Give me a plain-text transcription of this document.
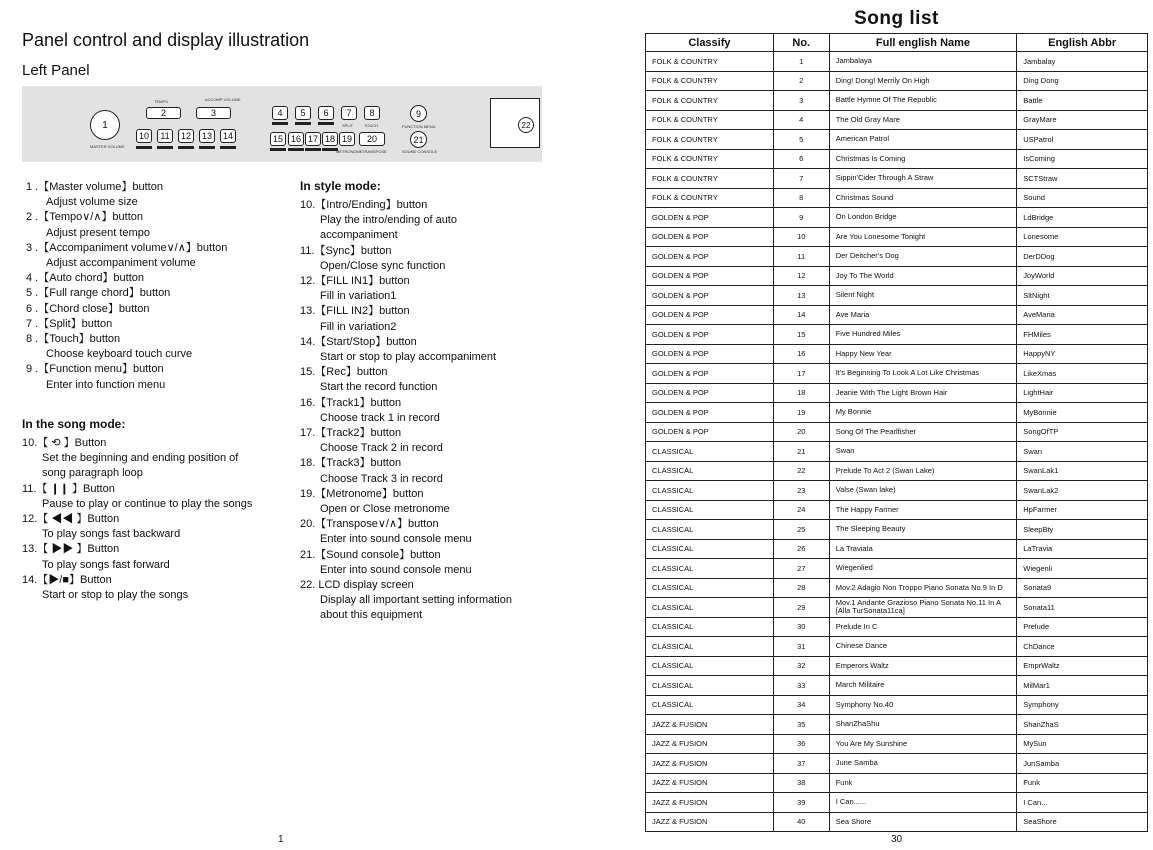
Panel control and display illustration
Left Panel
1
MASTER VOLUME
TEMPO
2
ACCOMP VOLUME
3
10	11	12	13	14
4	5	6	7	8
SPLIT	TOUCH
9
FUNCTION MENU
15 16 17 18 19	20
METRONOME TRANSPOSE
21
SOUND CONSOLE
22
1 .【Master volume】button
Adjust volume size
2 .【Tempo∨/∧】button
Adjust present tempo
3 .【Accompaniment volume∨/∧】button
Adjust accompaniment volume
4 .【Auto chord】button
5 .【Full range chord】button
6 .【Chord close】button
7 .【Split】button
8 .【Touch】button
Choose keyboard touch curve
9 .【Function menu】button
Enter into function menu
In the song mode:
10.【 ⟲ 】Button
Set the beginning and ending position of
song paragraph loop
11.【 ❙❙ 】Button
Pause to play or continue to play the songs
12.【 ◀◀ 】Button
To play songs fast backward
13.【 ▶▶ 】Button
To play songs fast forward
14.【▶/■】Button
Start or stop to play the songs
In style mode:
10.【Intro/Ending】button
Play the intro/ending of auto
accompaniment
11.【Sync】button
Open/Close sync function
12.【FILL IN1】button
Fill in variation1
13.【FILL IN2】button
Fill in variation2
14.【Start/Stop】button
Start or stop to play accompaniment
15.【Rec】button
Start the record function
16.【Track1】button
Choose track 1 in record
17.【Track2】button
Choose Track 2 in record
18.【Track3】button
Choose Track 3 in record
19.【Metronome】button
Open or Close metronome
20.【Transpose∨/∧】button
Enter into sound console menu
21.【Sound console】button
Enter into sound console menu
22. LCD display screen
Display all important setting information
about this equipment
1
Song list
Classify	No.	Full english Name	English Abbr
FOLK & COUNTRY	1	Jambalaya	Jambalay
FOLK & COUNTRY	2	Ding! Dong! Merrily On High	Ding Dong
FOLK & COUNTRY	3	Battle Hymne Of The Republic	Battle
FOLK & COUNTRY	4	The Old Gray Mare	GrayMare
FOLK & COUNTRY	5	American Patrol	USPatrol
FOLK & COUNTRY	6	Christmas Is Coming	IsComing
FOLK & COUNTRY	7	Sippin'Cider Through A Straw	SCTStraw
FOLK & COUNTRY	8	Christmas Sound	Sound
GOLDEN & POP	9	On London Bridge	LdBridge
GOLDEN & POP	10	Are You Lonesome Tonight	Lonesome
GOLDEN & POP	11	Der Deitcher's Dog	DerDDog
GOLDEN & POP	12	Joy To The World	JoyWorld
GOLDEN & POP	13	Silent Night	SltNight
GOLDEN & POP	14	Ave Maria	AveMaria
GOLDEN & POP	15	Five Hundred Miles	FHMiles
GOLDEN & POP	16	Happy New Year	HappyNY
GOLDEN & POP	17	It's Beginning To Look A Lot Like Christmas	LikeXmas
GOLDEN & POP	18	Jeanie With The Light Brown Hair	LightHair
GOLDEN & POP	19	My Bonnie	MyBonnie
GOLDEN & POP	20	Song Of The Pearlfisher	SongOfTP
CLASSICAL	21	Swan	Swan
CLASSICAL	22	Prelude To Act 2 (Swan Lake)	SwanLak1
CLASSICAL	23	Valse (Swan lake)	SwanLak2
CLASSICAL	24	The Happy Farmer	HpFarmer
CLASSICAL	25	The Sleeping Beauty	SleepBty
CLASSICAL	26	La Traviata	LaTravia
CLASSICAL	27	Wiegenlied	Wiegenli
CLASSICAL	28	Mov.2 Adagio Non Troppo Piano Sonata No.9 In D	Sonata9
CLASSICAL	29	Mov.1 Andante Grazioso Piano Sonata No.11 In A [Alla TurSonata11ca]	Sonata11
CLASSICAL	30	Prelude In C	Prelude
CLASSICAL	31	Chinese Dance	ChDance
CLASSICAL	32	Emperors Waltz	EmprWaltz
CLASSICAL	33	March Militaire	MilMar1
CLASSICAL	34	Symphony No.40	Symphony
JAZZ & FUSION	35	ShanZhaShu	ShanZhaS
JAZZ & FUSION	36	You Are My Sunshine	MySun
JAZZ & FUSION	37	June Samba	JunSamba
JAZZ & FUSION	38	Funk	Funk
JAZZ & FUSION	39	I Can......	I Can...
JAZZ & FUSION	40	Sea Shore	SeaShore
30
